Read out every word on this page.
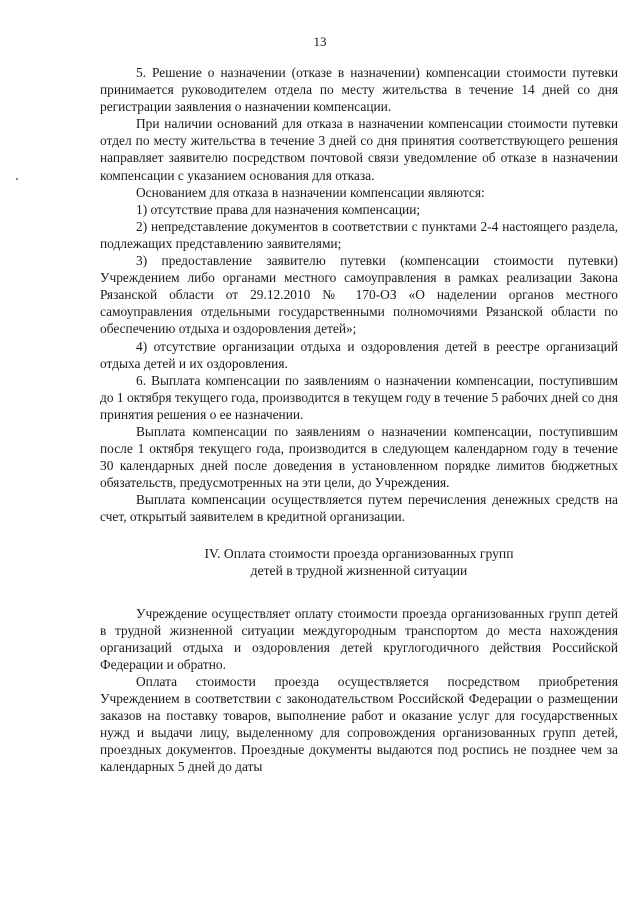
13

5. Решение о назначении (отказе в назначении) компенсации стоимости путевки принимается руководителем отдела по месту жительства в течение 14 дней со дня регистрации заявления о назначении компенсации.

При наличии оснований для отказа в назначении компенсации стоимости путевки отдел по месту жительства в течение 3 дней со дня принятия соответствующего решения направляет заявителю посредством почтовой связи уведомление об отказе в назначении компенсации с указанием основания для отказа.

Основанием для отказа в назначении компенсации являются:

1) отсутствие права для назначения компенсации;

2) непредставление документов в соответствии с пунктами 2-4 настоящего раздела, подлежащих представлению заявителями;

3) предоставление заявителю путевки (компенсации стоимости путевки) Учреждением либо органами местного самоуправления в рамках реализации Закона Рязанской области от 29.12.2010 № 170-ОЗ «О наделении органов местного самоуправления отдельными государственными полномочиями Рязанской области по обеспечению отдыха и оздоровления детей»;

4) отсутствие организации отдыха и оздоровления детей в реестре организаций отдыха детей и их оздоровления.

6. Выплата компенсации по заявлениям о назначении компенсации, поступившим до 1 октября текущего года, производится в текущем году в течение 5 рабочих дней со дня принятия решения о ее назначении.

Выплата компенсации по заявлениям о назначении компенсации, поступившим после 1 октября текущего года, производится в следующем календарном году в течение 30 календарных дней после доведения в установленном порядке лимитов бюджетных обязательств, предусмотренных на эти цели, до Учреждения.

Выплата компенсации осуществляется путем перечисления денежных средств на счет, открытый заявителем в кредитной организации.

IV. Оплата стоимости проезда организованных групп
детей в трудной жизненной ситуации

Учреждение осуществляет оплату стоимости проезда организованных групп детей в трудной жизненной ситуации междугородным транспортом до места нахождения организаций отдыха и оздоровления детей круглогодичного действия Российской Федерации и обратно.

Оплата стоимости проезда осуществляется посредством приобретения Учреждением в соответствии с законодательством Российской Федерации о размещении заказов на поставку товаров, выполнение работ и оказание услуг для государственных нужд и выдачи лицу, выделенному для сопровождения организованных групп детей, проездных документов. Проездные документы выдаются под роспись не позднее чем за календарных 5 дней до даты
